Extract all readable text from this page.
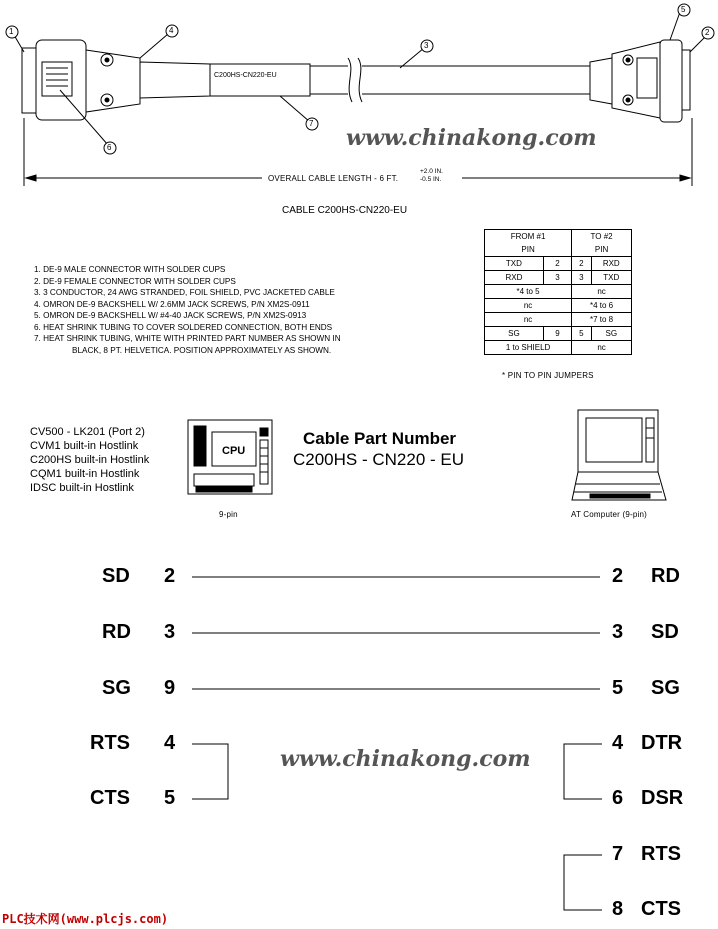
1	2
3
4
5
6
7
C200HS-CN220-EU
www.chinakong.com
OVERALL CABLE LENGTH - 6 FT.
+2.0 IN.
-0.5 IN.
CABLE C200HS-CN220-EU
1. DE-9 MALE CONNECTOR WITH SOLDER CUPS
2. DE-9 FEMALE CONNECTOR WITH SOLDER CUPS
3. 3 CONDUCTOR, 24 AWG STRANDED, FOIL SHIELD, PVC JACKETED CABLE
4. OMRON DE-9 BACKSHELL W/ 2.6MM JACK SCREWS, P/N XM2S-0911
5. OMRON DE-9 BACKSHELL W/ #4-40 JACK SCREWS, P/N XM2S-0913
6. HEAT SHRINK TUBING TO COVER SOLDERED CONNECTION, BOTH ENDS
7. HEAT SHRINK TUBING, WHITE WITH PRINTED PART NUMBER AS SHOWN IN
BLACK, 8 PT. HELVETICA. POSITION APPROXIMATELY AS SHOWN.
FROM #1		TO #2	
PIN		PIN	
TXD	2	2	RXD
RXD	3	3	TXD
*4 to 5		nc	
nc		*4 to 6	
nc		*7 to 8	
SG	9	5	SG
1 to SHIELD		nc	
* PIN TO PIN JUMPERS
CV500 - LK201 (Port 2)
CVM1 built-in Hostlink
C200HS built-in Hostlink
CQM1 built-in Hostlink
IDSC built-in Hostlink
CPU
9-pin
Cable Part Number
C200HS - CN220 - EU
AT Computer (9-pin)
SD 2
RD 3
SG 9
RTS 4
CTS 5
2 RD
3 SD
5 SG
4 DTR
6 DSR
7 RTS
8 CTS
www.chinakong.com
PLC技术网(www.plcjs.com)
